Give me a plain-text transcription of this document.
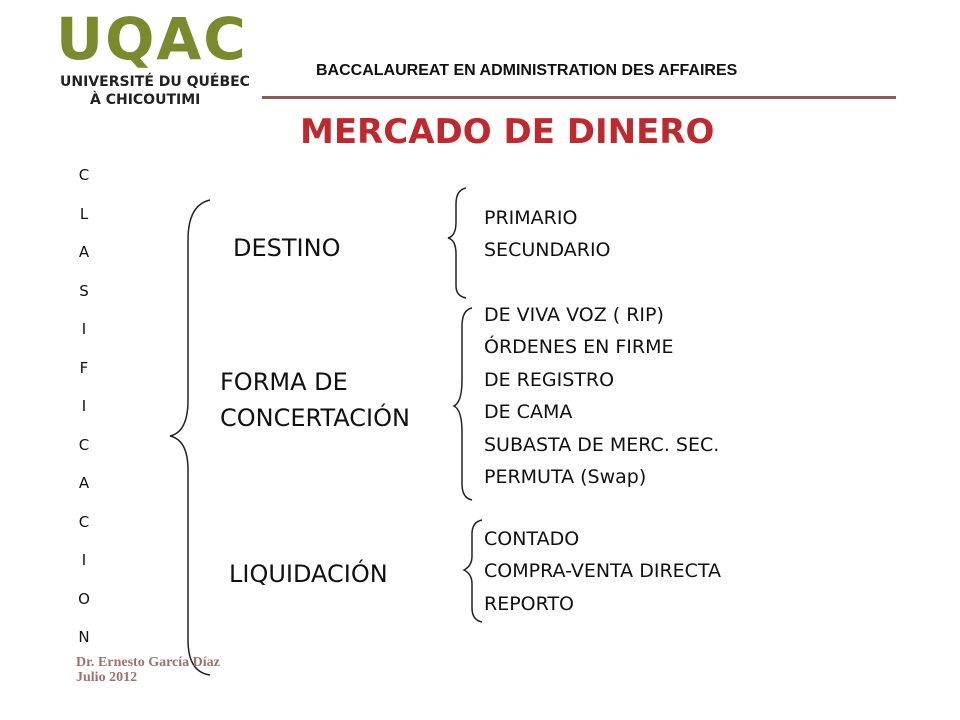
UQAC
UNIVERSITÉ DU QUÉBEC
À CHICOUTIMI
BACCALAUREAT EN ADMINISTRATION DES AFFAIRES
MERCADO DE DINERO
C
L
A
S
I
F
I
C
A
C
I
O
N
DESTINO
FORMA DE
CONCERTACIÓN
LIQUIDACIÓN
PRIMARIO
SECUNDARIO
DE VIVA VOZ ( RIP)
ÓRDENES EN FIRME
DE REGISTRO
DE CAMA
SUBASTA DE MERC. SEC.
PERMUTA (Swap)
CONTADO
COMPRA-VENTA DIRECTA
REPORTO
Dr. Ernesto García Díaz
Julio 2012
